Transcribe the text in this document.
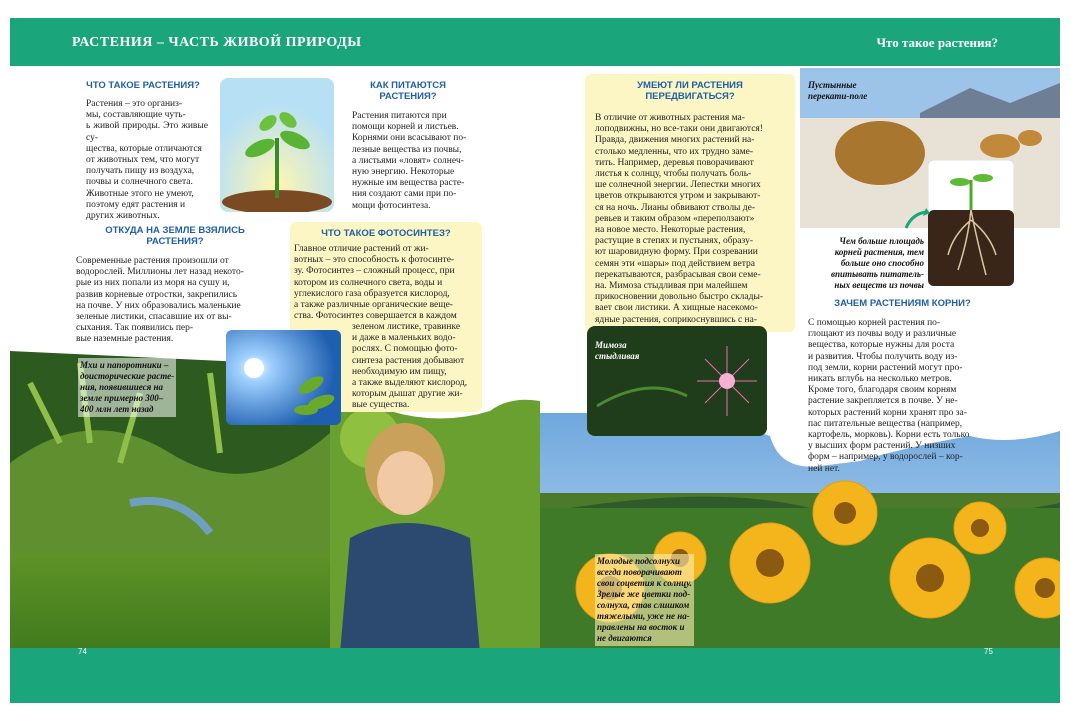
РАСТЕНИЯ – ЧАСТЬ ЖИВОЙ ПРИРОДЫ	Что такое растения?
ЧТО ТАКОЕ РАСТЕНИЯ?
Растения – это организ-
мы, составляющие чуть-
ь живой природы. Это живые су-
щества, которые отличаются
от животных тем, что могут
получать пищу из воздуха,
почвы и солнечного света.
Животные этого не умеют,
поэтому едят растения и
других животных.
КАК ПИТАЮТСЯ
РАСТЕНИЯ?
Растения питаются при
помощи корней и листьев.
Корнями они всасывают по-
лезные вещества из почвы,
а листьями «ловят» солнеч-
ную энергию. Некоторые
нужные им вещества расте-
ния создают сами при по-
мощи фотосинтеза.
ОТКУДА НА ЗЕМЛЕ ВЗЯЛИСЬ
РАСТЕНИЯ?
Современные растения произошли от
водорослей. Миллионы лет назад некото-
рые из них попали из моря на сушу и,
развив корневые отростки, закрепились
на почве. У них образовались маленькие
зеленые листики, спасавшие их от вы-
сыхания. Так появились пер-
вые наземные растения.
ЧТО ТАКОЕ ФОТОСИНТЕЗ?
Главное отличие растений от жи-
вотных – это способность к фотосинте-
зу. Фотосинтез – сложный процесс, при
котором из солнечного света, воды и
углекислого газа образуется кислород,
а также различные органические веще-
ства. Фотосинтез совершается в каждом
зеленом листике, травинке
и даже в маленьких водо-
рослях. С помощью фото-
синтеза растения добывают
необходимую им пищу,
а также выделяют кислород,
которым дышат другие жи-
вые существа.
УМЕЮТ ЛИ РАСТЕНИЯ
ПЕРЕДВИГАТЬСЯ?
В отличие от животных растения ма-
лоподвижны, но все-таки они двигаются!
Правда, движения многих растений на-
столько медленны, что их трудно заме-
тить. Например, деревья поворачивают
листья к солнцу, чтобы получать боль-
ше солнечной энергии. Лепестки многих
цветов открываются утром и закрывают-
ся на ночь. Лианы обвивают стволы де-
ревьев и таким образом «переползают»
на новое место. Некоторые растения,
растущие в степях и пустынях, образу-
ют шаровидную форму. При созревании
семян эти «шары» под действием ветра
перекатываются, разбрасывая свои семе-
на. Мимоза стыдливая при малейшем
прикосновении довольно быстро склады-
вает свои листики. А хищные насекомо-
ядные растения, соприкоснувшись с на-
Пустынные
перекати-поле
Чем больше площадь
корней растения, тем
больше оно способно
впитывать питатель-
ных веществ из почвы
ЗАЧЕМ РАСТЕНИЯМ КОРНИ?
С помощью корней растения по-
глощают из почвы воду и различные
вещества, которые нужны для роста
и развития. Чтобы получить воду из-
под земли, корни растений могут про-
никать вглубь на несколько метров.
Кроме того, благодаря своим корням
растение закрепляется в почве. У не-
которых растений корни хранят про за-
пас питательные вещества (например,
картофель, морковь). Корни есть только
у высших форм растений. У низших
форм – например, у водорослей – кор-
ней нет.
Мимоза
стыдливая
Мхи и папоротники –
доисторические расте-
ния, появившиеся на
земле примерно 300–
400 млн лет назад
Молодые подсолнухи
всегда поворачивают
свои соцветия к солнцу.
Зрелые же цветки под-
солнуха, став слишком
тяжелыми, уже не на-
правлены на восток и
не двигаются
74	75
